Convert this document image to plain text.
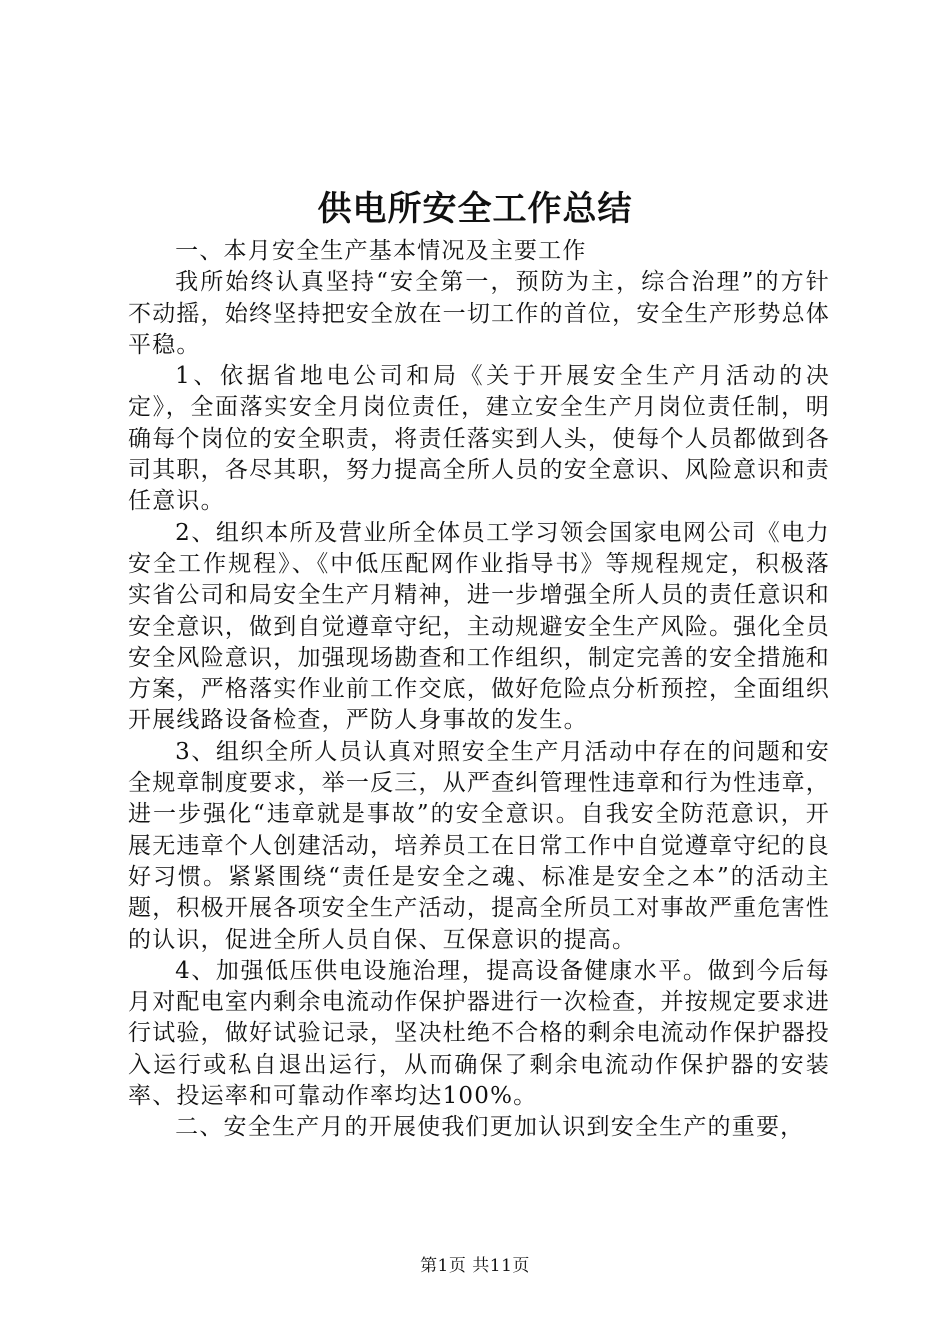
供电所安全工作总结

一、本月安全生产基本情况及主要工作

我所始终认真坚持“安全第一，预防为主，综合治理”的方针不动摇，始终坚持把安全放在一切工作的首位，安全生产形势总体平稳。

1、依据省地电公司和局《关于开展安全生产月活动的决定》，全面落实安全月岗位责任，建立安全生产月岗位责任制，明确每个岗位的安全职责，将责任落实到人头，使每个人员都做到各司其职，各尽其职，努力提高全所人员的安全意识、风险意识和责任意识。

2、组织本所及营业所全体员工学习领会国家电网公司《电力安全工作规程》、《中低压配网作业指导书》等规程规定，积极落实省公司和局安全生产月精神，进一步增强全所人员的责任意识和安全意识，做到自觉遵章守纪，主动规避安全生产风险。强化全员安全风险意识，加强现场勘查和工作组织，制定完善的安全措施和方案，严格落实作业前工作交底，做好危险点分析预控，全面组织开展线路设备检查，严防人身事故的发生。

3、组织全所人员认真对照安全生产月活动中存在的问题和安全规章制度要求，举一反三，从严查纠管理性违章和行为性违章，进一步强化“违章就是事故”的安全意识。自我安全防范意识，开展无违章个人创建活动，培养员工在日常工作中自觉遵章守纪的良好习惯。紧紧围绕“责任是安全之魂、标准是安全之本”的活动主题，积极开展各项安全生产活动，提高全所员工对事故严重危害性的认识，促进全所人员自保、互保意识的提高。

4、加强低压供电设施治理，提高设备健康水平。做到今后每月对配电室内剩余电流动作保护器进行一次检查，并按规定要求进行试验，做好试验记录，坚决杜绝不合格的剩余电流动作保护器投入运行或私自退出运行，从而确保了剩余电流动作保护器的安装率、投运率和可靠动作率均达100%。

二、安全生产月的开展使我们更加认识到安全生产的重要，

第1页 共11页
